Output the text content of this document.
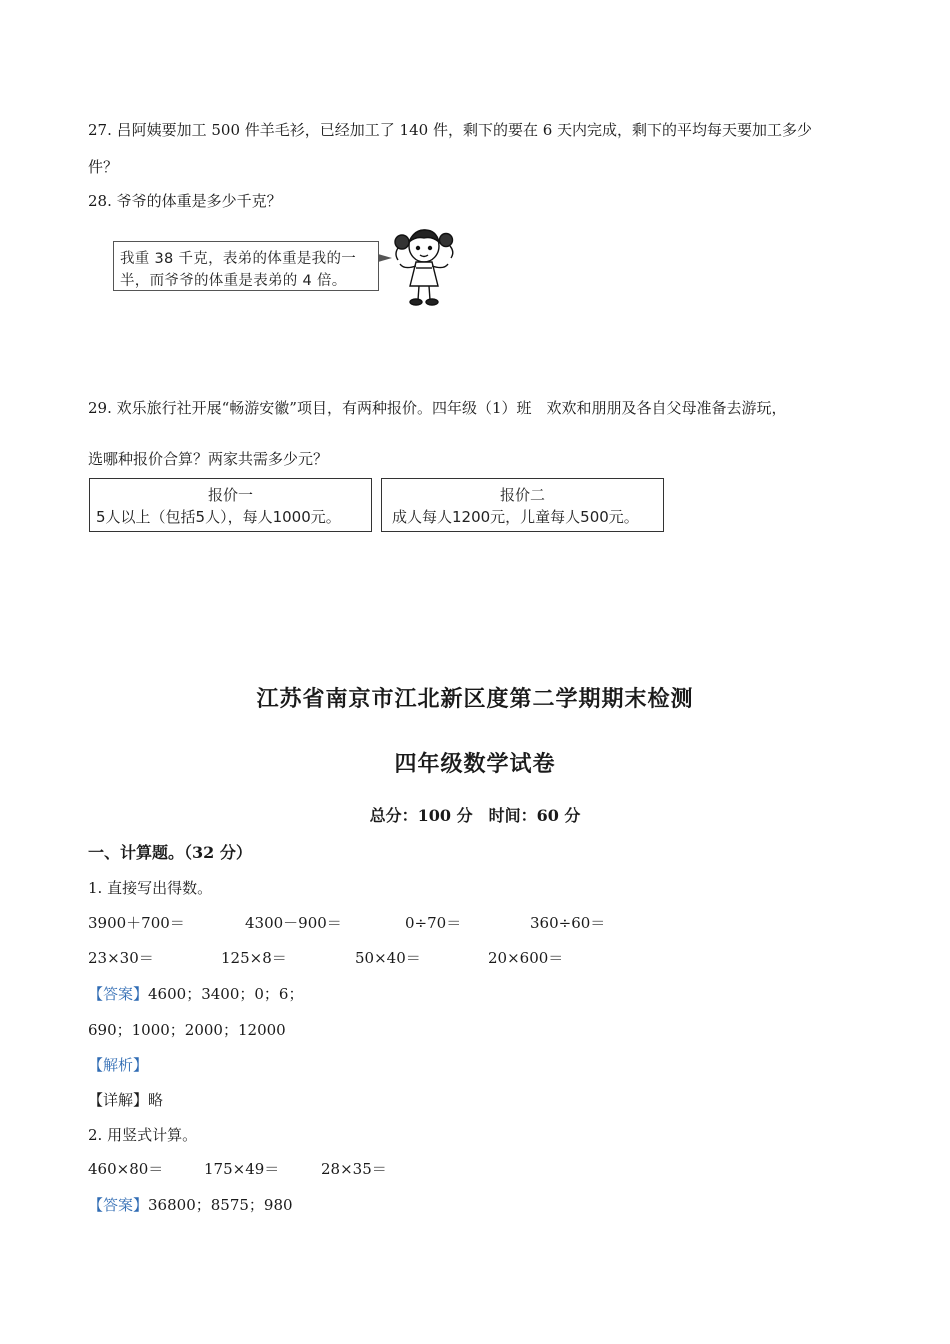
27. 吕阿姨要加工 500 件羊毛衫，已经加工了 140 件，剩下的要在 6 天内完成，剩下的平均每天要加工多少
件？
28. 爷爷的体重是多少千克？
我重 38 千克，表弟的体重是我的一
半，而爷爷的体重是表弟的 4 倍。
29. 欢乐旅行社开展“畅游安徽”项目，有两种报价。四年级（1）班　欢欢和朋朋及各自父母准备去游玩，
选哪种报价合算？两家共需多少元？
报价一
5人以上（包括5人），每人1000元。
报价二
成人每人1200元，儿童每人500元。
江苏省南京市江北新区度第二学期期末检测
四年级数学试卷
总分：100 分　时间：60 分
一、计算题。（32 分）
1. 直接写出得数。
3900＋700＝	4300－900＝	0÷70＝	360÷60＝
23×30＝	125×8＝	50×40＝	20×600＝
【答案】4600；3400；0；6；
690；1000；2000；12000
【解析】
【详解】略
2. 用竖式计算。
460×80＝	175×49＝	28×35＝
【答案】36800；8575；980
